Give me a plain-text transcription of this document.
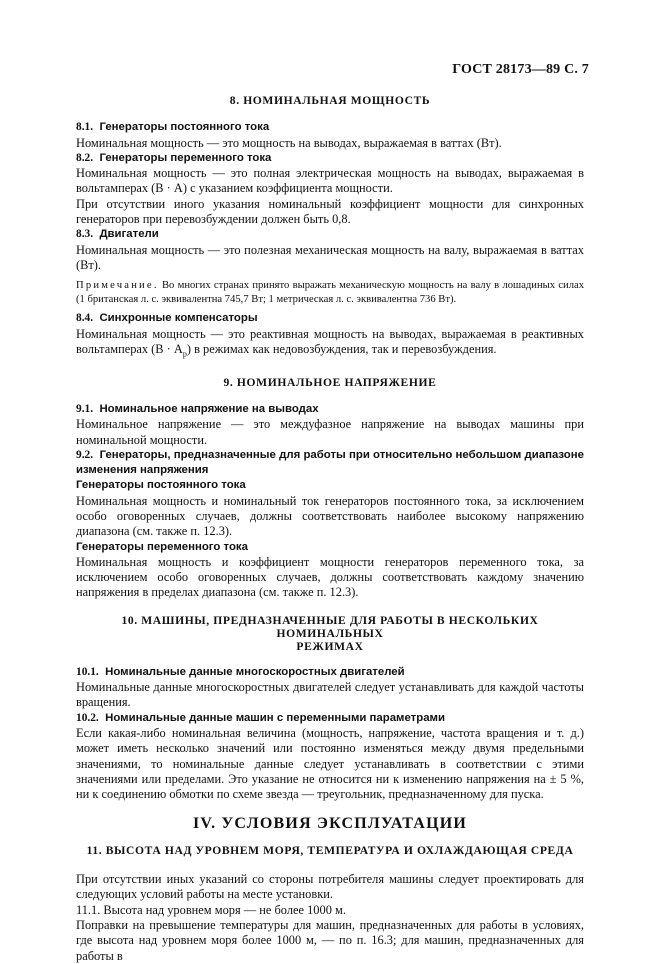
ГОСТ 28173—89 С. 7
8. НОМИНАЛЬНАЯ МОЩНОСТЬ

8.1. Генераторы постоянного тока

Номинальная мощность — это мощность на выводах, выражаемая в ваттах (Вт).

8.2. Генераторы переменного тока

Номинальная мощность — это полная электрическая мощность на выводах, выражаемая в вольтамперах (В · А) с указанием коэффициента мощности.

При отсутствии иного указания номинальный коэффициент мощности для синхронных генераторов при перевозбуждении должен быть 0,8.

8.3. Двигатели

Номинальная мощность — это полезная механическая мощность на валу, выражаемая в ваттах (Вт).

Примечание. Во многих странах принято выражать механическую мощность на валу в лошадиных силах (1 британская л. с. эквивалентна 745,7 Вт; 1 метрическая л. с. эквивалентна 736 Вт).

8.4. Синхронные компенсаторы

Номинальная мощность — это реактивная мощность на выводах, выражаемая в реактивных вольтамперах $(В \cdot А_р)$ в режимах как недовозбуждения, так и перевозбуждения.

9. НОМИНАЛЬНОЕ НАПРЯЖЕНИЕ

9.1. Номинальное напряжение на выводах

Номинальное напряжение — это междуфазное напряжение на выводах машины при номинальной мощности.

9.2. Генераторы, предназначенные для работы при относительно небольшом диапазоне изменения напряжения

Генераторы постоянного тока

Номинальная мощность и номинальный ток генераторов постоянного тока, за исключением особо оговоренных случаев, должны соответствовать наиболее высокому напряжению диапазона (см. также п. 12.3).

Генераторы переменного тока

Номинальная мощность и коэффициент мощности генераторов переменного тока, за исключением особо оговоренных случаев, должны соответствовать каждому значению напряжения в пределах диапазона (см. также п. 12.3).

10. МАШИНЫ, ПРЕДНАЗНАЧЕННЫЕ ДЛЯ РАБОТЫ В НЕСКОЛЬКИХ НОМИНАЛЬНЫХ
РЕЖИМАХ

10.1. Номинальные данные многоскоростных двигателей

Номинальные данные многоскоростных двигателей следует устанавливать для каждой частоты вращения.

10.2. Номинальные данные машин с переменными параметрами

Если какая-либо номинальная величина (мощность, напряжение, частота вращения и т. д.) может иметь несколько значений или постоянно изменяться между двумя предельными значениями, то номинальные данные следует устанавливать в соответствии с этими значениями или пределами. Это указание не относится ни к изменению напряжения на ± 5 %, ни к соединению обмотки по схеме звезда — треугольник, предназначенному для пуска.

IV. УСЛОВИЯ ЭКСПЛУАТАЦИИ
11. ВЫСОТА НАД УРОВНЕМ МОРЯ, ТЕМПЕРАТУРА И ОХЛАЖДАЮЩАЯ СРЕДА

При отсутствии иных указаний со стороны потребителя машины следует проектировать для следующих условий работы на месте установки.

11.1. Высота над уровнем моря — не более 1000 м.

Поправки на превышение температуры для машин, предназначенных для работы в условиях, где высота над уровнем моря более 1000 м, — по п. 16.3; для машин, предназначенных для работы в
